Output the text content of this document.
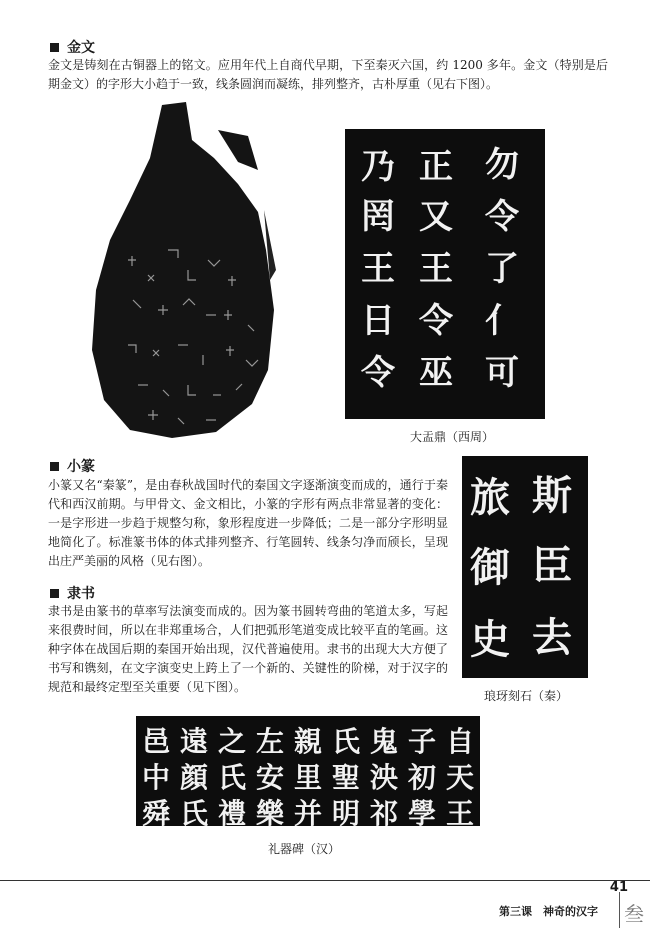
金文
金文是铸刻在古铜器上的铭文。应用年代上自商代早期，下至秦灭六国，约 1200 多年。金文（特别是后期金文）的字形大小趋于一致，线条圆润而凝练，排列整齐，古朴厚重（见右下图）。
乃 正 勿
罔 又 令
王 王 了
日 令 亻
令 巫 可
大盂鼎（西周）
小篆
小篆又名“秦篆”，是由春秋战国时代的秦国文字逐渐演变而成的，通行于秦代和西汉前期。与甲骨文、金文相比，小篆的字形有两点非常显著的变化：一是字形进一步趋于规整匀称，象形程度进一步降低；二是一部分字形明显地简化了。标准篆书体的体式排列整齐、行笔圆转、线条匀净而颀长，呈现出庄严美丽的风格（见右图）。
斯
旅
臣
御
去
史
琅玡刻石（秦）
隶书
隶书是由篆书的草率写法演变而成的。因为篆书圆转弯曲的笔道太多，写起来很费时间，所以在非郑重场合，人们把弧形笔道变成比较平直的笔画。这种字体在战国后期的秦国开始出现，汉代普遍使用。隶书的出现大大方便了书写和镌刻，在文字演变史上跨上了一个新的、关键性的阶梯，对于汉字的规范和最终定型至关重要（见下图）。
邑 遠 之 左 親 氏 鬼 子 自
中 顔 氏 安 里 聖 泱 初 天
舜 氏 禮 樂 并 明 祁 學 王
礼器碑（汉）
41
第三课　神奇的汉字 叁
